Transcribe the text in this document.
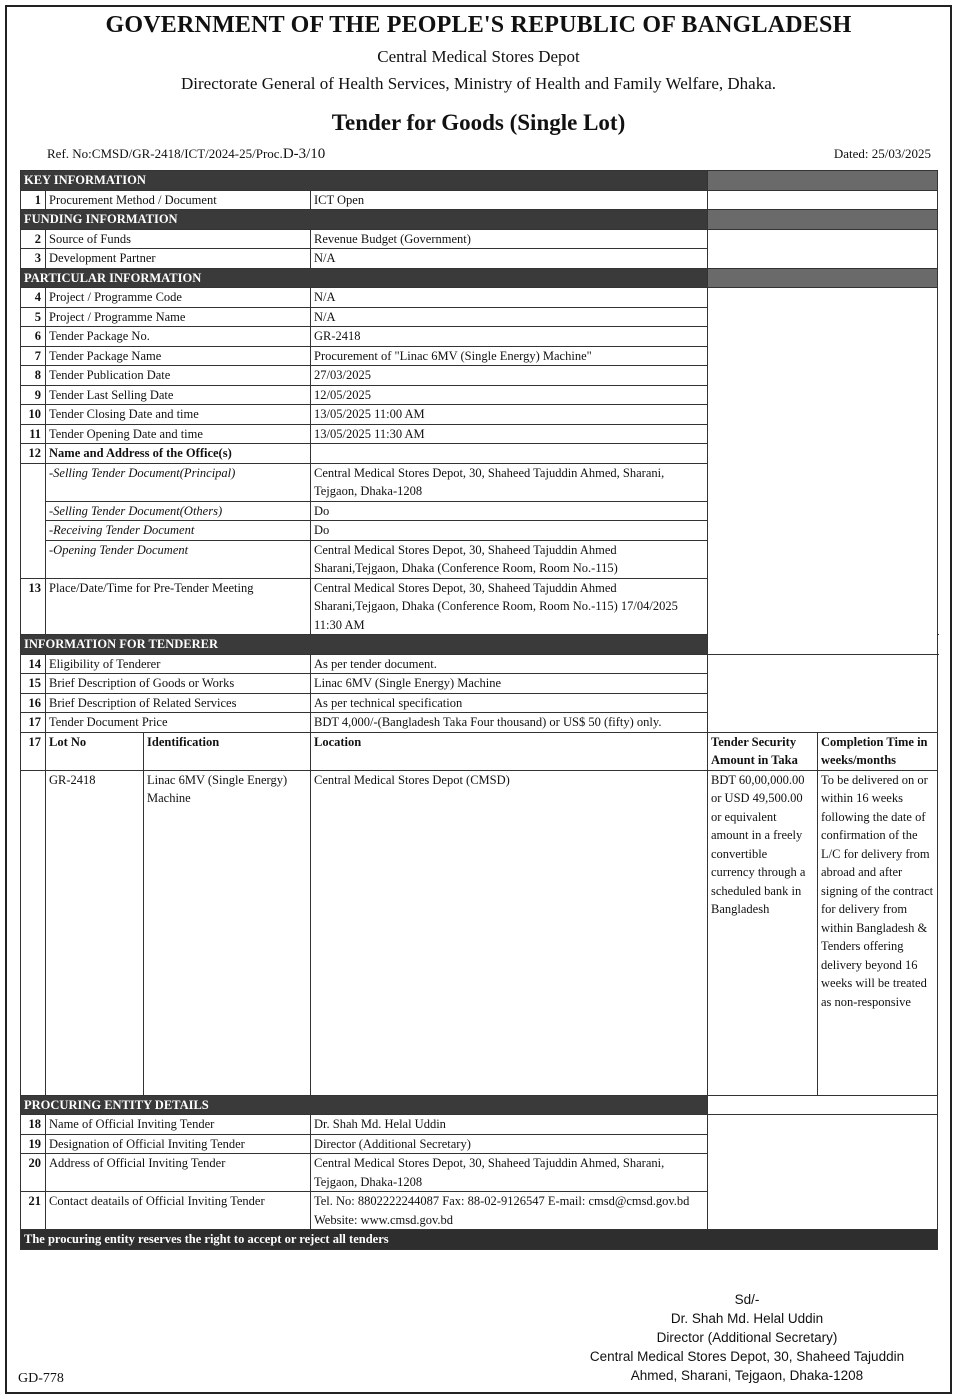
GOVERNMENT OF THE PEOPLE'S REPUBLIC OF BANGLADESH
Central Medical Stores Depot
Directorate General of Health Services, Ministry of Health and Family Welfare, Dhaka.
Tender for Goods (Single Lot)
Ref. No:CMSD/GR-2418/ICT/2024-25/Proc.D-3/10	Dated: 25/03/2025
KEY INFORMATION						
1	Procurement Method / Document		ICT Open			
FUNDING INFORMATION						
2	Source of Funds		Revenue Budget (Government)			
3	Development Partner		N/A			
PARTICULAR INFORMATION						
4	Project / Programme Code		N/A			
5	Project / Programme Name		N/A			
6	Tender Package No.		GR-2418			
7	Tender Package Name		Procurement of "Linac 6MV (Single Energy) Machine"			
8	Tender Publication Date		27/03/2025			
9	Tender Last Selling Date		12/05/2025			
10	Tender Closing Date and time		13/05/2025 11:00 AM			
11	Tender Opening Date and time		13/05/2025 11:30 AM			
12	Name and Address of the Office(s)					
	-Selling Tender Document(Principal)		Central Medical Stores Depot, 30, Shaheed Tajuddin Ahmed, Sharani, Tejgaon, Dhaka-1208			
	-Selling Tender Document(Others)		Do			
	-Receiving Tender Document		Do			
	-Opening Tender Document		Central Medical Stores Depot, 30, Shaheed Tajuddin Ahmed Sharani,Tejgaon, Dhaka (Conference Room, Room No.-115)			
13	Place/Date/Time for Pre-Tender Meeting		Central Medical Stores Depot, 30, Shaheed Tajuddin Ahmed Sharani,Tejgaon, Dhaka (Conference Room, Room No.-115) 17/04/2025 11:30 AM			
INFORMATION FOR TENDERER						
14	Eligibility of Tenderer		As per tender document.			
15	Brief Description of Goods or Works		Linac 6MV (Single Energy) Machine			
16	Brief Description of Related Services		As per technical specification			
17	Tender Document Price		BDT 4,000/-(Bangladesh Taka Four thousand) or US$ 50 (fifty) only.			
17	Lot No	Identification	Location	Tender Security Amount in Taka	Completion Time in weeks/months	
	GR-2418	Linac 6MV (Single Energy) Machine	Central Medical Stores Depot (CMSD)	BDT 60,00,000.00 or USD 49,500.00 or equivalent amount in a freely convertible currency through a scheduled bank in Bangladesh	To be delivered on or within 16 weeks following the date of confirmation of the L/C for delivery from abroad and after signing of the contract for delivery from within Bangladesh & Tenders offering delivery beyond 16 weeks will be treated as non-responsive	
PROCURING ENTITY DETAILS						
18	Name of Official Inviting Tender		Dr. Shah Md. Helal Uddin			
19	Designation of Official Inviting Tender		Director (Additional Secretary)			
20	Address of Official Inviting Tender		Central Medical Stores Depot, 30, Shaheed Tajuddin Ahmed, Sharani, Tejgaon, Dhaka-1208			
21	Contact deatails of Official Inviting Tender		Tel. No: 8802222244087 Fax: 88-02-9126547 E-mail: cmsd@cmsd.gov.bd Website: www.cmsd.gov.bd			
The procuring entity reserves the right to accept or reject all tenders						
Sd/-
Dr. Shah Md. Helal Uddin
Director (Additional Secretary)
Central Medical Stores Depot, 30, Shaheed Tajuddin
Ahmed, Sharani, Tejgaon, Dhaka-1208
GD-778
